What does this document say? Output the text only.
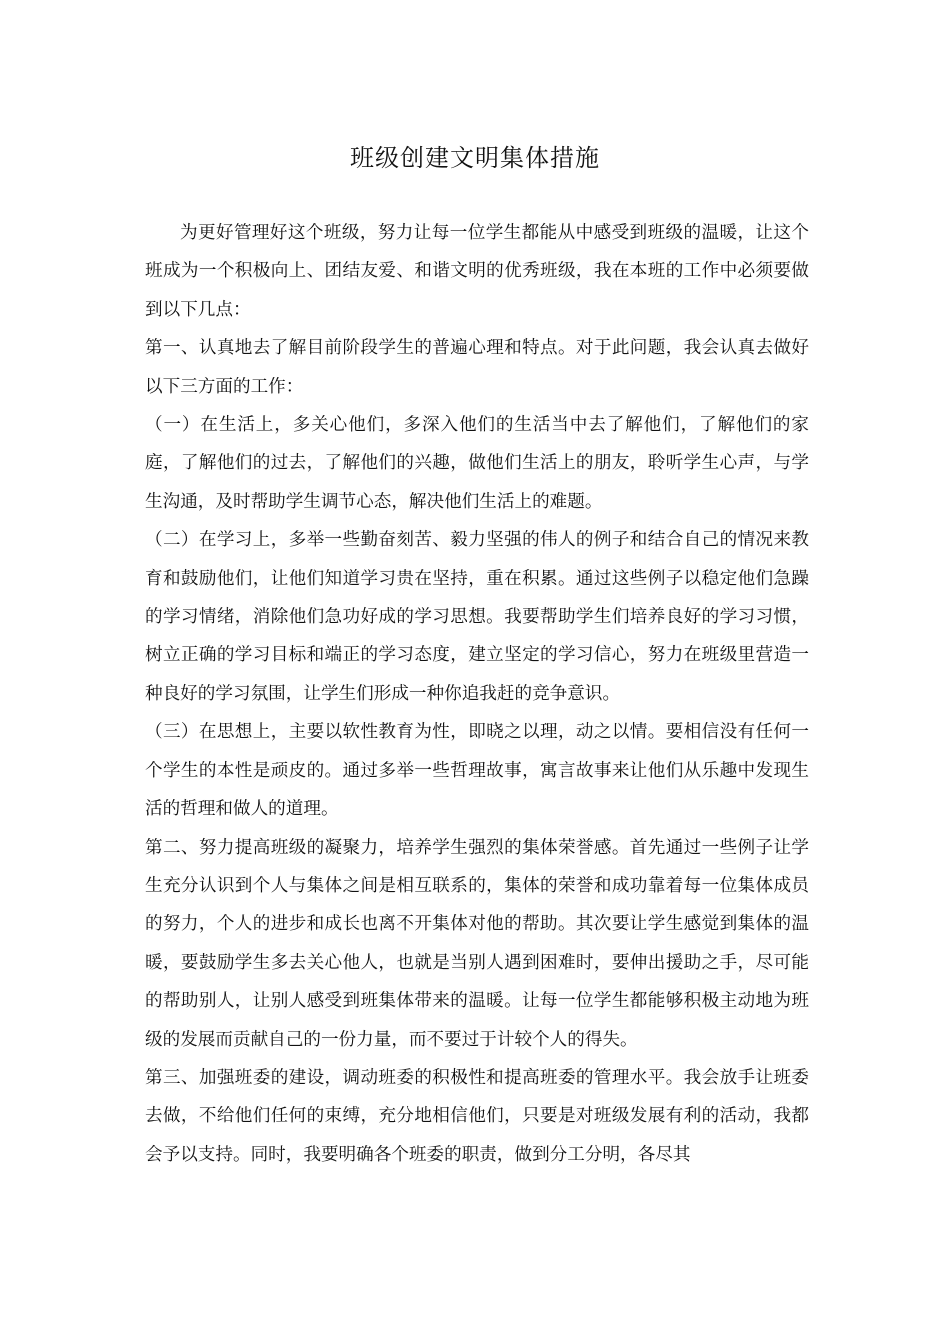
班级创建文明集体措施

为更好管理好这个班级，努力让每一位学生都能从中感受到班级的温暖，让这个班成为一个积极向上、团结友爱、和谐文明的优秀班级，我在本班的工作中必须要做到以下几点：

第一、认真地去了解目前阶段学生的普遍心理和特点。对于此问题，我会认真去做好以下三方面的工作：

（一）在生活上，多关心他们，多深入他们的生活当中去了解他们，了解他们的家庭，了解他们的过去，了解他们的兴趣，做他们生活上的朋友，聆听学生心声，与学生沟通，及时帮助学生调节心态，解决他们生活上的难题。

（二）在学习上，多举一些勤奋刻苦、毅力坚强的伟人的例子和结合自己的情况来教育和鼓励他们，让他们知道学习贵在坚持，重在积累。通过这些例子以稳定他们急躁的学习情绪，消除他们急功好成的学习思想。我要帮助学生们培养良好的学习习惯，树立正确的学习目标和端正的学习态度，建立坚定的学习信心，努力在班级里营造一种良好的学习氛围，让学生们形成一种你追我赶的竞争意识。

（三）在思想上，主要以软性教育为性，即晓之以理，动之以情。要相信没有任何一个学生的本性是顽皮的。通过多举一些哲理故事，寓言故事来让他们从乐趣中发现生活的哲理和做人的道理。

第二、努力提高班级的凝聚力，培养学生强烈的集体荣誉感。首先通过一些例子让学生充分认识到个人与集体之间是相互联系的，集体的荣誉和成功靠着每一位集体成员的努力，个人的进步和成长也离不开集体对他的帮助。其次要让学生感觉到集体的温暖，要鼓励学生多去关心他人，也就是当别人遇到困难时，要伸出援助之手，尽可能的帮助别人，让别人感受到班集体带来的温暖。让每一位学生都能够积极主动地为班级的发展而贡献自己的一份力量，而不要过于计较个人的得失。

第三、加强班委的建设，调动班委的积极性和提高班委的管理水平。我会放手让班委去做，不给他们任何的束缚，充分地相信他们，只要是对班级发展有利的活动，我都会予以支持。同时，我要明确各个班委的职责，做到分工分明，各尽其
